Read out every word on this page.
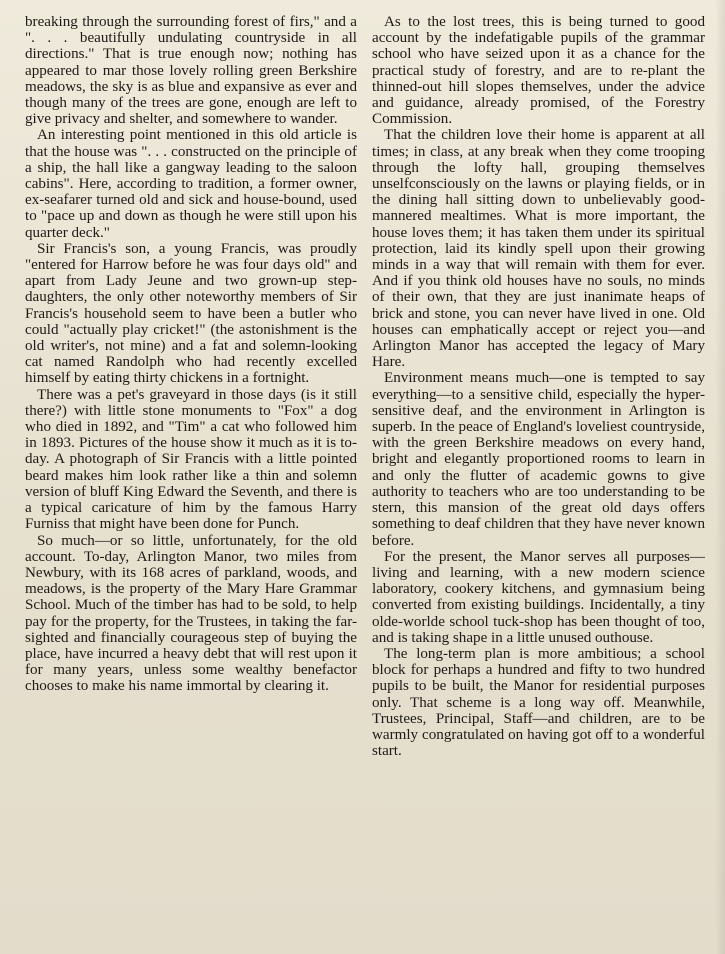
breaking through the surrounding forest of firs," and a ". . . beautifully undulating countryside in all directions." That is true enough now; nothing has appeared to mar those lovely rolling green Berkshire meadows, the sky is as blue and expansive as ever and though many of the trees are gone, enough are left to give privacy and shelter, and somewhere to wander.

An interesting point mentioned in this old article is that the house was ". . . constructed on the principle of a ship, the hall like a gangway leading to the saloon cabins". Here, according to tradition, a former owner, ex-seafarer turned old and sick and house-bound, used to "pace up and down as though he were still upon his quarter deck."

Sir Francis's son, a young Francis, was proudly "entered for Harrow before he was four days old" and apart from Lady Jeune and two grown-up step-daughters, the only other noteworthy members of Sir Francis's household seem to have been a butler who could "actually play cricket!" (the astonishment is the old writer's, not mine) and a fat and solemn-looking cat named Randolph who had recently excelled himself by eating thirty chickens in a fortnight.

There was a pet's graveyard in those days (is it still there?) with little stone monuments to "Fox" a dog who died in 1892, and "Tim" a cat who followed him in 1893. Pictures of the house show it much as it is to-day. A photograph of Sir Francis with a little pointed beard makes him look rather like a thin and solemn version of bluff King Edward the Seventh, and there is a typical caricature of him by the famous Harry Furniss that might have been done for Punch.

So much—or so little, unfortunately, for the old account. To-day, Arlington Manor, two miles from Newbury, with its 168 acres of parkland, woods, and meadows, is the property of the Mary Hare Grammar School. Much of the timber has had to be sold, to help pay for the property, for the Trustees, in taking the far-sighted and financially courageous step of buying the place, have incurred a heavy debt that will rest upon it for many years, unless some wealthy benefactor chooses to make his name immortal by clearing it.

As to the lost trees, this is being turned to good account by the indefatigable pupils of the grammar school who have seized upon it as a chance for the practical study of forestry, and are to re-plant the thinned-out hill slopes themselves, under the advice and guidance, already promised, of the Forestry Commission.

That the children love their home is apparent at all times; in class, at any break when they come trooping through the lofty hall, grouping themselves unselfconsciously on the lawns or playing fields, or in the dining hall sitting down to unbelievably good-mannered mealtimes. What is more important, the house loves them; it has taken them under its spiritual protection, laid its kindly spell upon their growing minds in a way that will remain with them for ever. And if you think old houses have no souls, no minds of their own, that they are just inanimate heaps of brick and stone, you can never have lived in one. Old houses can emphatically accept or reject you—and Arlington Manor has accepted the legacy of Mary Hare.

Environment means much—one is tempted to say everything—to a sensitive child, especially the hyper-sensitive deaf, and the environment in Arlington is superb. In the peace of England's loveliest countryside, with the green Berkshire meadows on every hand, bright and elegantly proportioned rooms to learn in and only the flutter of academic gowns to give authority to teachers who are too understanding to be stern, this mansion of the great old days offers something to deaf children that they have never known before.

For the present, the Manor serves all purposes—living and learning, with a new modern science laboratory, cookery kitchens, and gymnasium being converted from existing buildings. Incidentally, a tiny olde-worlde school tuck-shop has been thought of too, and is taking shape in a little unused outhouse.

The long-term plan is more ambitious; a school block for perhaps a hundred and fifty to two hundred pupils to be built, the Manor for residential purposes only. That scheme is a long way off. Meanwhile, Trustees, Principal, Staff—and children, are to be warmly congratulated on having got off to a wonderful start.
